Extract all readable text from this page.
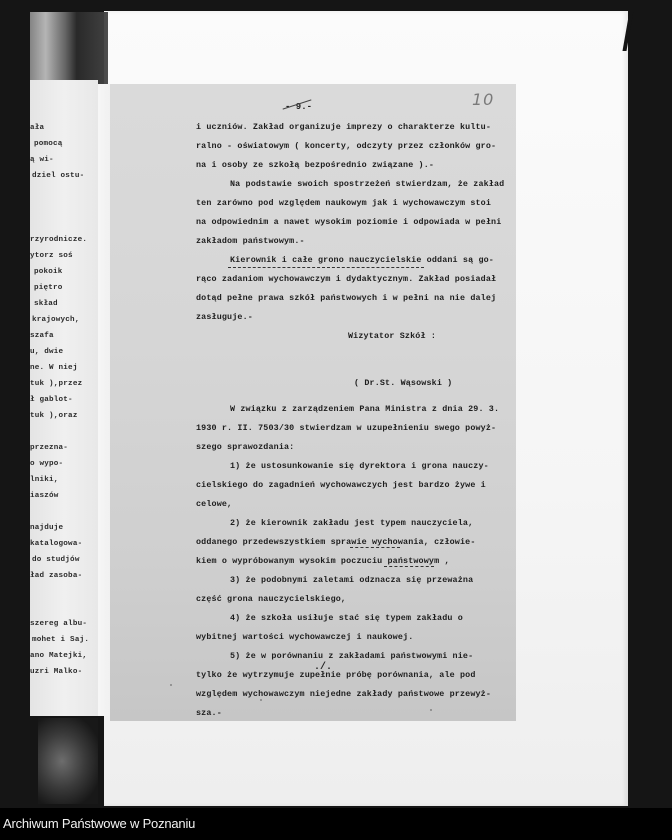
ała
pomocą
ą wi-
dziel ostu-
rzyrodnicze.
ytorz soś
pokoik
piętro
skład
krajowych,
szafa
u, dwie
ne. W niej
tuk ),przez
ł gablot-
tuk ),oraz
przezna-
o wypo-
lniki,
iaszów
najduje
katalogowa-
do studjów
ład zasoba-
szereg albu-
mohet i Saj.
ano Matejki,
uzri Malko-
- 9.-	10
i uczniów. Zakład organizuje imprezy o charakterze kultu-
ralno - oświatowym ( koncerty, odczyty przez członków gro-
na i osoby ze szkołą bezpośrednio związane ).-
Na podstawie swoich spostrzeżeń stwierdzam, że zakład
ten zarówno pod względem naukowym jak i wychowawczym stoi
na odpowiednim a nawet wysokim poziomie i odpowiada w pełni
zakładom państwowym.-
Kierownik i całe grono nauczycielskie oddani są go-
rąco zadaniom wychowawczym i dydaktycznym. Zakład posiadał
dotąd pełne prawa szkół państwowych i w pełni na nie dalej
zasługuje.-
Wizytator Szkół :
( Dr.St. Wąsowski )
W związku z zarządzeniem Pana Ministra z dnia 29. 3.
1930 r. II. 7503/30 stwierdzam w uzupełnieniu swego powyż-
szego sprawozdania:
1) że ustosunkowanie się dyrektora i grona nauczy-
cielskiego do zagadnień wychowawczych jest bardzo żywe i
celowe,
2) że kierownik zakładu jest typem nauczyciela,
oddanego przedewszystkiem sprawie wychowania, człowie-
kiem o wypróbowanym wysokim poczuciu państwowym ,
3) że podobnymi zaletami odznacza się przeważna
część grona nauczycielskiego,
4) że szkoła usiłuje stać się typem zakładu o
wybitnej wartości wychowawczej i naukowej.
5) że w porównaniu z zakładami państwowymi nie-
tylko że wytrzymuje zupełnie próbę porównania, ale pod
względem wychowawczym niejedne zakłady państwowe przewyż-
sza.-
./.
Archiwum Państwowe w Poznaniu
